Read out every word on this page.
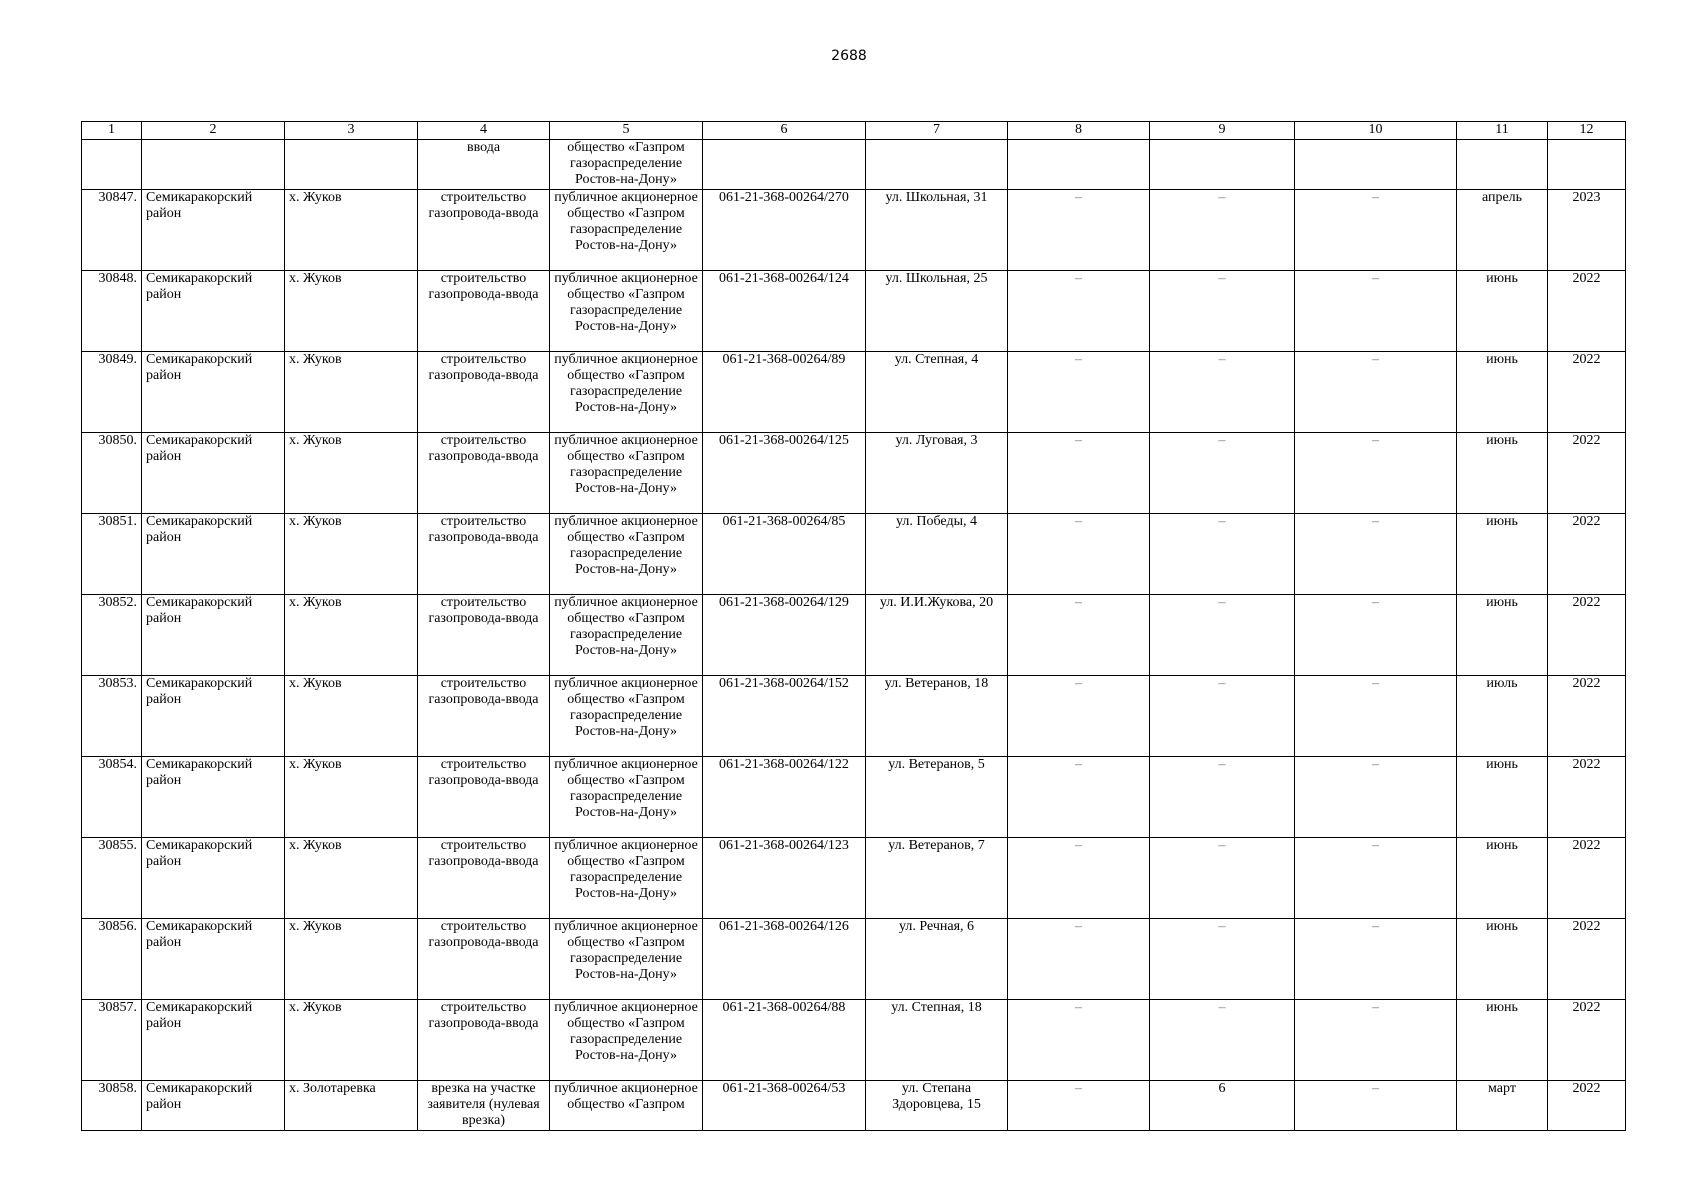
2688
1	2	3	4	5	6	7	8	9	10	11	12
			ввода	общество «Газпром газораспределение Ростов-на-Дону»							
30847.	Семикаракорский район	х. Жуков	строительство газопровода-ввода	публичное акционерное общество «Газпром газораспределение Ростов-на-Дону»	061-21-368-00264/270	ул. Школьная, 31	–	–	–	апрель	2023
30848.	Семикаракорский район	х. Жуков	строительство газопровода-ввода	публичное акционерное общество «Газпром газораспределение Ростов-на-Дону»	061-21-368-00264/124	ул. Школьная, 25	–	–	–	июнь	2022
30849.	Семикаракорский район	х. Жуков	строительство газопровода-ввода	публичное акционерное общество «Газпром газораспределение Ростов-на-Дону»	061-21-368-00264/89	ул. Степная, 4	–	–	–	июнь	2022
30850.	Семикаракорский район	х. Жуков	строительство газопровода-ввода	публичное акционерное общество «Газпром газораспределение Ростов-на-Дону»	061-21-368-00264/125	ул. Луговая, 3	–	–	–	июнь	2022
30851.	Семикаракорский район	х. Жуков	строительство газопровода-ввода	публичное акционерное общество «Газпром газораспределение Ростов-на-Дону»	061-21-368-00264/85	ул. Победы, 4	–	–	–	июнь	2022
30852.	Семикаракорский район	х. Жуков	строительство газопровода-ввода	публичное акционерное общество «Газпром газораспределение Ростов-на-Дону»	061-21-368-00264/129	ул. И.И.Жукова, 20	–	–	–	июнь	2022
30853.	Семикаракорский район	х. Жуков	строительство газопровода-ввода	публичное акционерное общество «Газпром газораспределение Ростов-на-Дону»	061-21-368-00264/152	ул. Ветеранов, 18	–	–	–	июль	2022
30854.	Семикаракорский район	х. Жуков	строительство газопровода-ввода	публичное акционерное общество «Газпром газораспределение Ростов-на-Дону»	061-21-368-00264/122	ул. Ветеранов, 5	–	–	–	июнь	2022
30855.	Семикаракорский район	х. Жуков	строительство газопровода-ввода	публичное акционерное общество «Газпром газораспределение Ростов-на-Дону»	061-21-368-00264/123	ул. Ветеранов, 7	–	–	–	июнь	2022
30856.	Семикаракорский район	х. Жуков	строительство газопровода-ввода	публичное акционерное общество «Газпром газораспределение Ростов-на-Дону»	061-21-368-00264/126	ул. Речная, 6	–	–	–	июнь	2022
30857.	Семикаракорский район	х. Жуков	строительство газопровода-ввода	публичное акционерное общество «Газпром газораспределение Ростов-на-Дону»	061-21-368-00264/88	ул. Степная, 18	–	–	–	июнь	2022
30858.	Семикаракорский район	х. Золотаревка	врезка на участке заявителя (нулевая врезка)	публичное акционерное общество «Газпром	061-21-368-00264/53	ул. Степана Здоровцева, 15	–	6	–	март	2022
